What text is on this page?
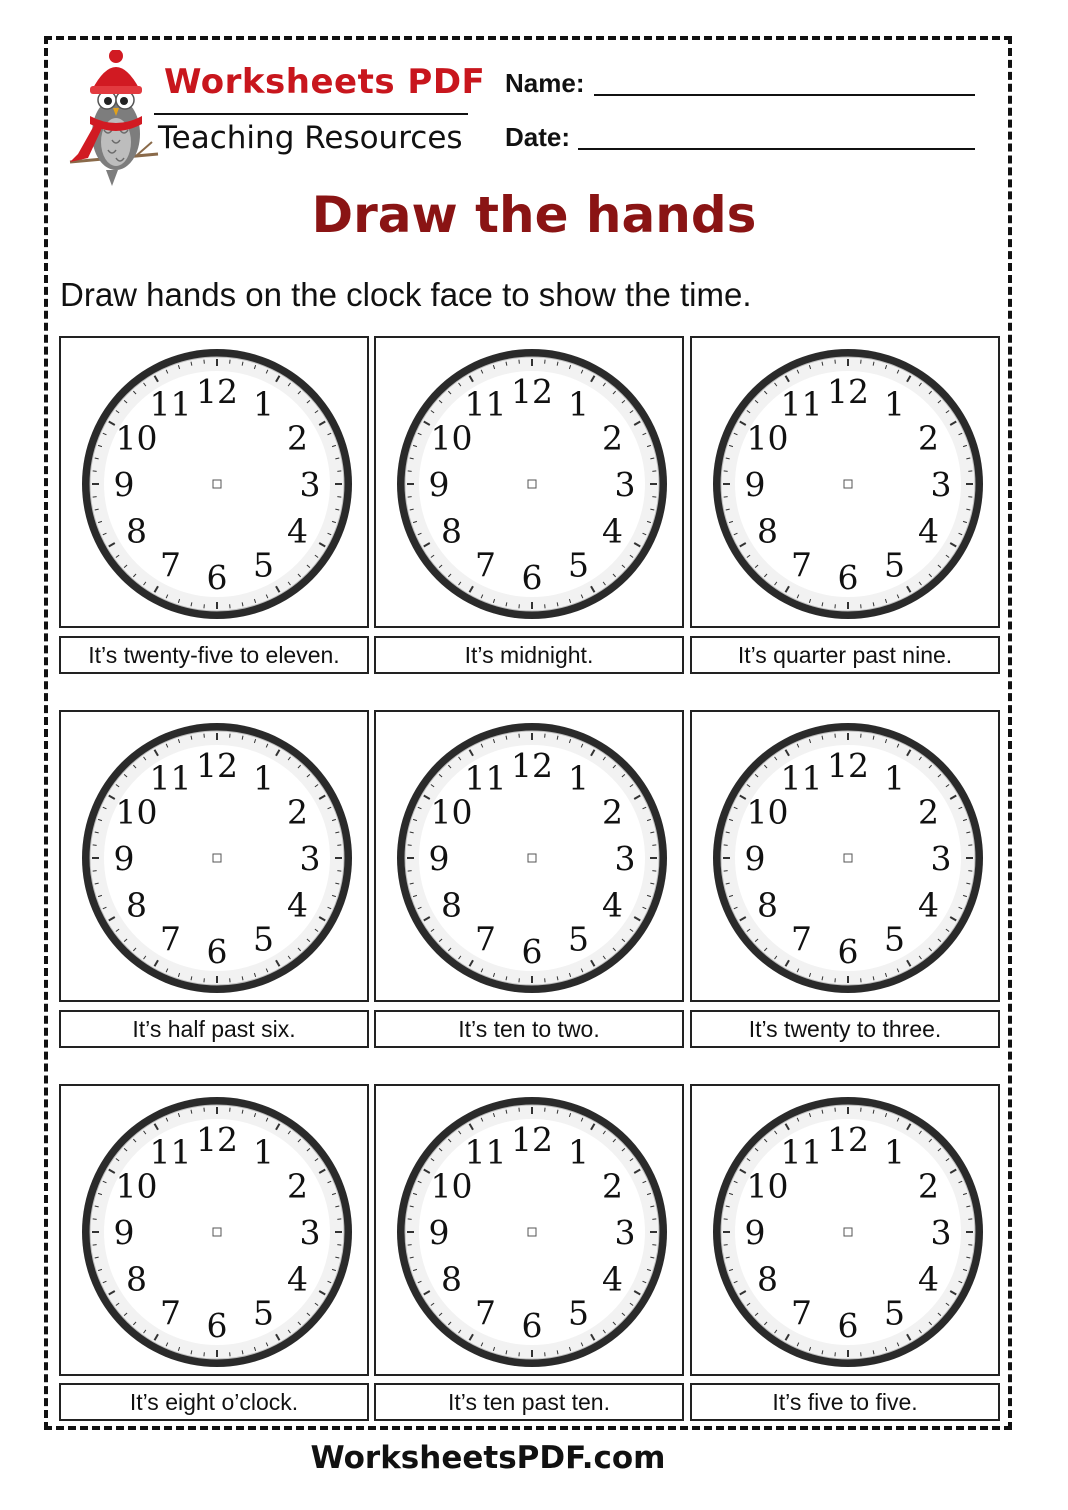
Worksheets PDF
Teaching Resources
Name:
Date:
Draw the hands
Draw hands on the clock face to show the time.
12 1
2
3
4
5
6
7
8
9
10
11
It’s twenty-five to eleven.
12 1
2
3
4
5
6
7
8
9
10
11
It’s midnight.
12 1
2
3
4
5
6
7
8
9
10
11
It’s quarter past nine.
12 1
2
3
4
5
6
7
8
9
10
11
It’s half past six.
12 1
2
3
4
5
6
7
8
9
10
11
It’s ten to two.
12 1
2
3
4
5
6
7
8
9
10
11
It’s twenty to three.
12 1
2
3
4
5
6
7
8
9
10
11
It’s eight o’clock.
12 1
2
3
4
5
6
7
8
9
10
11
It’s ten past ten.
12 1
2
3
4
5
6
7
8
9
10
11
It’s five to five.
WorksheetsPDF.com
